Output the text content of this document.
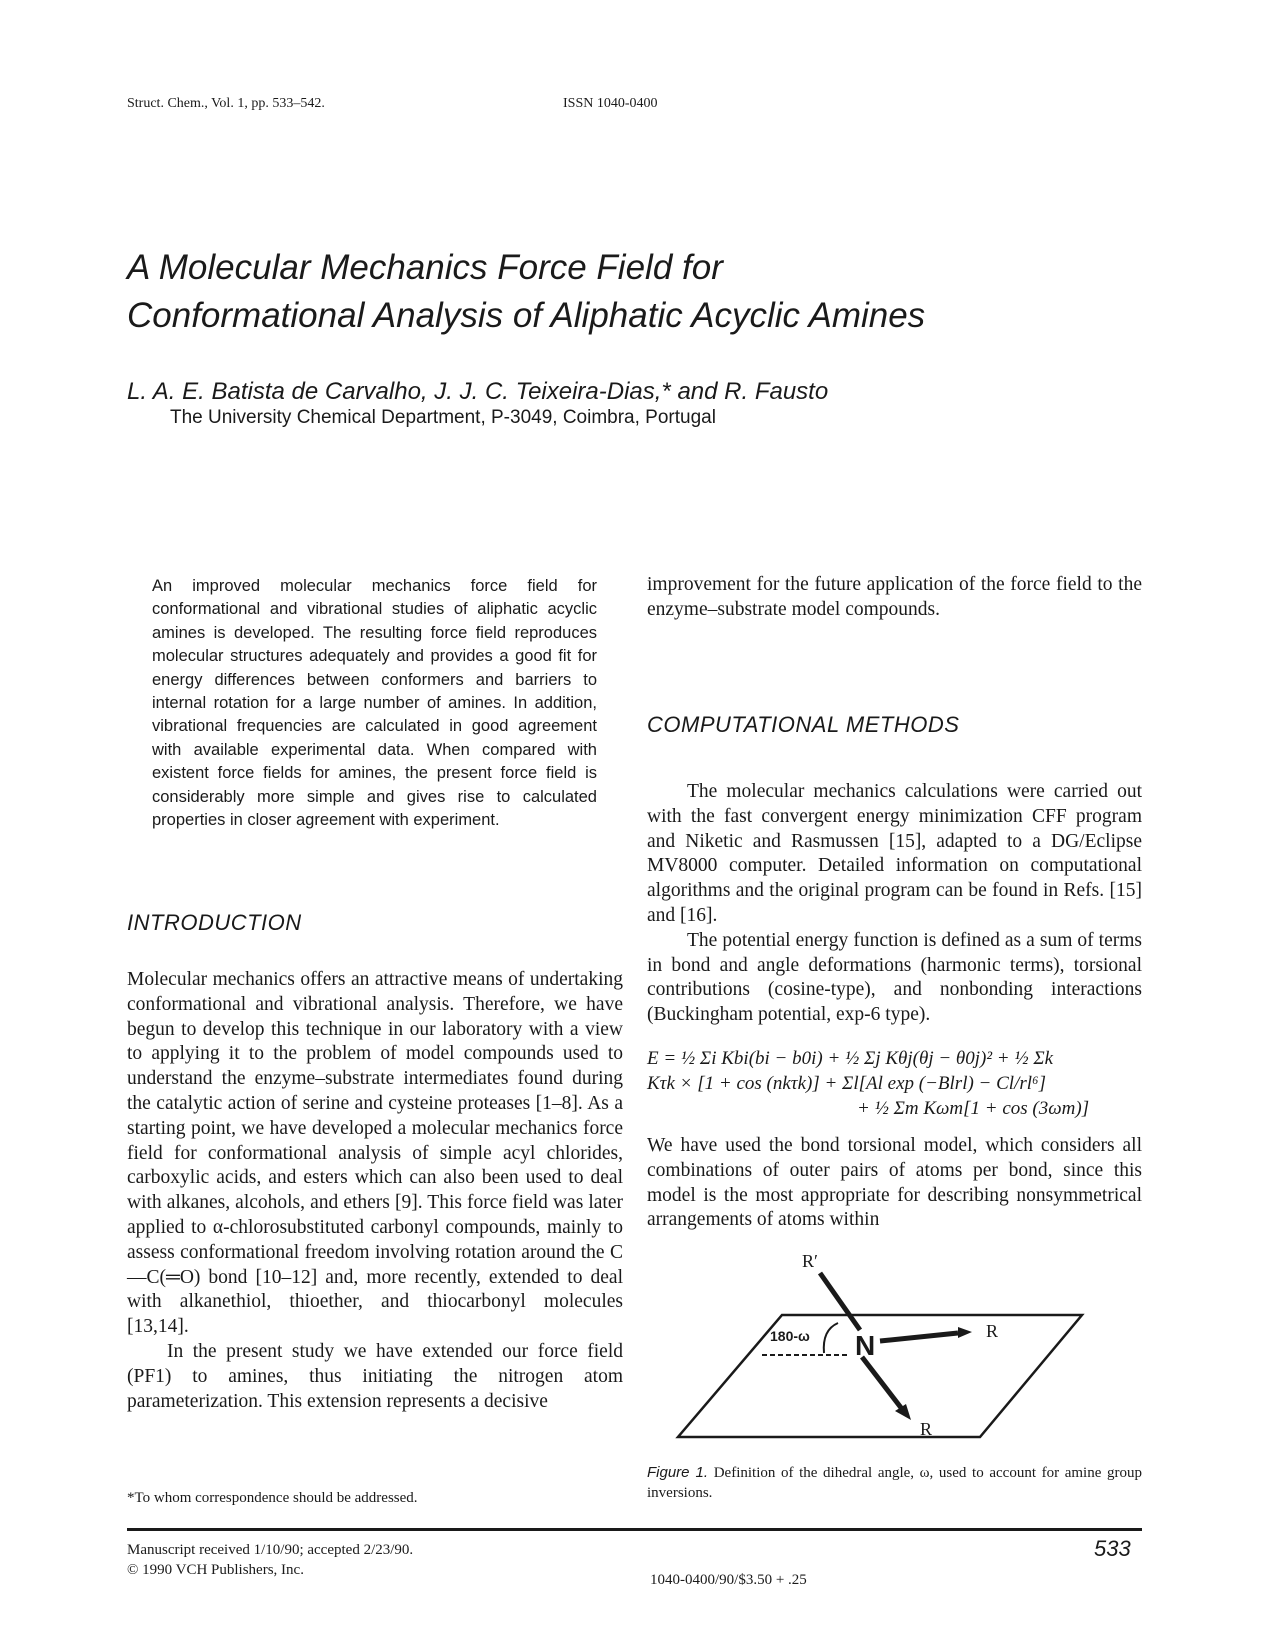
Struct. Chem., Vol. 1, pp. 533–542.	ISSN 1040-0400
A Molecular Mechanics Force Field for
Conformational Analysis of Aliphatic Acyclic Amines
L. A. E. Batista de Carvalho, J. J. C. Teixeira-Dias,* and R. Fausto
The University Chemical Department, P-3049, Coimbra, Portugal

An improved molecular mechanics force field for conformational and vibrational studies of aliphatic acyclic amines is developed. The resulting force field reproduces molecular structures adequately and provides a good fit for energy differences between conformers and barriers to internal rotation for a large number of amines. In addition, vibrational frequencies are calculated in good agreement with available experimental data. When compared with existent force fields for amines, the present force field is considerably more simple and gives rise to calculated properties in closer agreement with experiment.

INTRODUCTION

Molecular mechanics offers an attractive means of undertaking conformational and vibrational analysis. Therefore, we have begun to develop this technique in our laboratory with a view to applying it to the problem of model compounds used to understand the enzyme–substrate intermediates found during the catalytic action of serine and cysteine proteases [1–8]. As a starting point, we have developed a molecular mechanics force field for conformational analysis of simple acyl chlorides, carboxylic acids, and esters which can also been used to deal with alkanes, alcohols, and ethers [9]. This force field was later applied to α-chlorosubstituted carbonyl compounds, mainly to assess conformational freedom involving rotation around the C—C(═O) bond [10–12] and, more recently, extended to deal with alkanethiol, thioether, and thiocarbonyl molecules [13,14].

In the present study we have extended our force field (PF1) to amines, thus initiating the nitrogen atom parameterization. This extension represents a decisive

improvement for the future application of the force field to the enzyme–substrate model compounds.

COMPUTATIONAL METHODS

The molecular mechanics calculations were carried out with the fast convergent energy minimization CFF program and Niketic and Rasmussen [15], adapted to a DG/Eclipse MV8000 computer. Detailed information on computational algorithms and the original program can be found in Refs. [15] and [16].

The potential energy function is defined as a sum of terms in bond and angle deformations (harmonic terms), torsional contributions (cosine-type), and nonbonding interactions (Buckingham potential, exp-6 type).

E = ½ Σi Kbi(bi − b0i) + ½ Σj Kθj(θj − θ0j)² + ½ Σk
Kτk × [1 + cos (nkτk)] + Σl[Al exp (−Blrl) − Cl/rl⁶]
+ ½ Σm Kωm[1 + cos (3ωm)]

We have used the bond torsional model, which considers all combinations of outer pairs of atoms per bond, since this model is the most appropriate for describing nonsymmetrical arrangements of atoms within

R′
N	R
R
180-ω
Figure 1. Definition of the dihedral angle, ω, used to account for amine group inversions.
*To whom correspondence should be addressed.
Manuscript received 1/10/90; accepted 2/23/90.
© 1990 VCH Publishers, Inc.
533
1040-0400/90/$3.50 + .25
